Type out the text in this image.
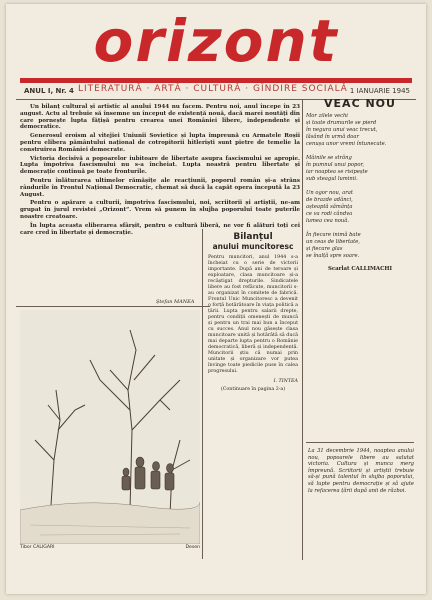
orizont
ANUL I, Nr. 4 LITERATURĂ · ARTĂ · CULTURĂ · GÎNDIRE SOCIALĂ 1 IANUARIE 1945

Un bilanț cultural și artistic al anului 1944 nu facem. Pentru noi, anul începe în 23 august. Actu al trebuie să însemne un început de existență nouă, dacă marei noutăți din care pornește lupta fățișă pentru crearea unei României libere, independente și democratice.

Generosul eroism al vitejiei Uniunii Sovietice și lupta împreună cu Armatele Roșii pentru elibera pământului național de cotropitorii hitleriști sunt pietre de temelie la construirea României democrate.

Victoria decisivă a popoarelor iubitoare de libertate asupra fascismului se apropie. Lupta împotriva fascismului nu s-a încheiat. Lupta noastră pentru libertate și democrație continuă pe toate fronturile.

Pentru înlăturarea ultimelor rămășițe ale reacțiunii, poporul român și-a strâns rândurile în Frontul Național Democratic, chemat să ducă la capăt opera începută la 23 August.

Pentru o apărare a culturii, împotriva fascismului, noi, scriitorii și artiștii, ne-am grupat în jurul revistei „Orizont”. Vrem să punem în slujba poporului toate puterile noastre creatoare.

În lupta aceasta eliberarea sfârșit, pentru o cultură liberă, ne vor fi alături toți cei care cred în libertate și democrație.

Ștefan MANEA
Bilanțul
anului muncitoresc
Pentru muncitori, anul 1944 s-a încheiat cu o serie de victorii importante. După ani de teroare și exploatare, clasa muncitoare și-a recâștigat drepturile. Sindicatele libere au fost refăcute, muncitorii s-au organizat în comitete de fabrică. Frontul Unic Muncitoresc a devenit o forță hotărâtoare în viața politică a țării. Lupta pentru salarii drepte, pentru condiții omenești de muncă și pentru un trai mai bun a început cu succes. Anul nou găsește clasa muncitoare unită și hotărâtă să ducă mai departe lupta pentru o Românie democratică, liberă și independentă. Muncitorii știu că numai prin unitate și organizare vor putea învinge toate piedicile puse în calea progresului.
I. TINTEA
(Continuare în pagina 2-a)
VEAC NOU
Mor zilele vechi
și toate drumurile se pierd
în negura unui veac trecut,
lăsând în urmă doar
cenușa unor vremi întunecate.

Mâinile se strâng
în pumnul unui popor,
iar noaptea se risipește
sub steagul luminii.

Un ogor nou, arat
de brazde adânci,
așteaptă sămânța
ce va rodi cândva
lumea cea nouă.

În fiecare inimă bate
un ceas de libertate,
și fiecare glas
se înalță spre soare.
Scarlat CALLIMACHI
La 31 decembrie 1944, noaptea anului nou, popoarele libere au salutat victoria. Cultura și munca merg împreună. Scriitorii și artiștii trebuie să-și pună talentul în slujba poporului, să lupte pentru democrație și să ajute la refacerea țării după anii de război.
Tibor CALIGARI	Desen
